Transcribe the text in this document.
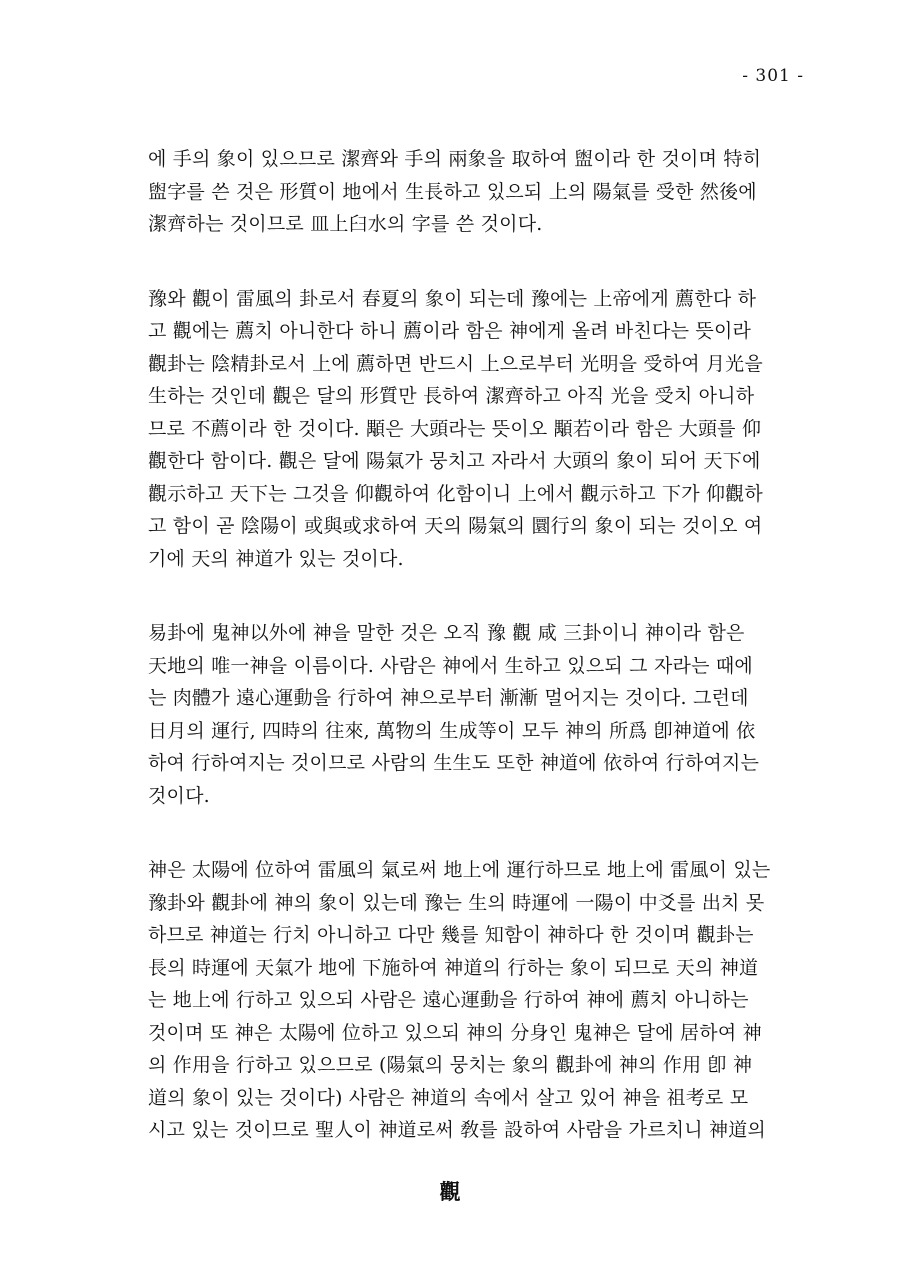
- 301 -
에 手의 象이 있으므로 潔齊와 手의 兩象을 取하여 盥이라 한 것이며 特히
盥字를 쓴 것은 形質이 地에서 生長하고 있으되 上의 陽氣를 受한 然後에
潔齊하는 것이므로 皿上臼水의 字를 쓴 것이다.
豫와 觀이 雷風의 卦로서 春夏의 象이 되는데 豫에는 上帝에게 薦한다 하
고 觀에는 薦치 아니한다 하니 薦이라 함은 神에게 올려 바친다는 뜻이라
觀卦는 陰精卦로서 上에 薦하면 반드시 上으로부터 光明을 受하여 月光을
生하는 것인데 觀은 달의 形質만 長하여 潔齊하고 아직 光을 受치 아니하
므로 不薦이라 한 것이다. 顒은 大頭라는 뜻이오 顒若이라 함은 大頭를 仰
觀한다 함이다. 觀은 달에 陽氣가 뭉치고 자라서 大頭의 象이 되어 天下에
觀示하고 天下는 그것을 仰觀하여 化함이니 上에서 觀示하고 下가 仰觀하
고 함이 곧 陰陽이 或與或求하여 天의 陽氣의 圜行의 象이 되는 것이오 여
기에 天의 神道가 있는 것이다.
易卦에 鬼神以外에 神을 말한 것은 오직 豫 觀 咸 三卦이니 神이라 함은
天地의 唯一神을 이름이다. 사람은 神에서 生하고 있으되 그 자라는 때에
는 肉體가 遠心運動을 行하여 神으로부터 漸漸 멀어지는 것이다. 그런데
日月의 運行, 四時의 往來, 萬物의 生成等이 모두 神의 所爲 卽神道에 依
하여 行하여지는 것이므로 사람의 生生도 또한 神道에 依하여 行하여지는
것이다.
神은 太陽에 位하여 雷風의 氣로써 地上에 運行하므로 地上에 雷風이 있는
豫卦와 觀卦에 神의 象이 있는데 豫는 生의 時運에 一陽이 中爻를 出치 못
하므로 神道는 行치 아니하고 다만 幾를 知함이 神하다 한 것이며 觀卦는
長의 時運에 天氣가 地에 下施하여 神道의 行하는 象이 되므로 天의 神道
는 地上에 行하고 있으되 사람은 遠心運動을 行하여 神에 薦치 아니하는
것이며 또 神은 太陽에 位하고 있으되 神의 分身인 鬼神은 달에 居하여 神
의 作用을 行하고 있으므로 (陽氣의 뭉치는 象의 觀卦에 神의 作用 卽 神
道의 象이 있는 것이다) 사람은 神道의 속에서 살고 있어 神을 祖考로 모
시고 있는 것이므로 聖人이 神道로써 敎를 設하여 사람을 가르치니 神道의
觀
